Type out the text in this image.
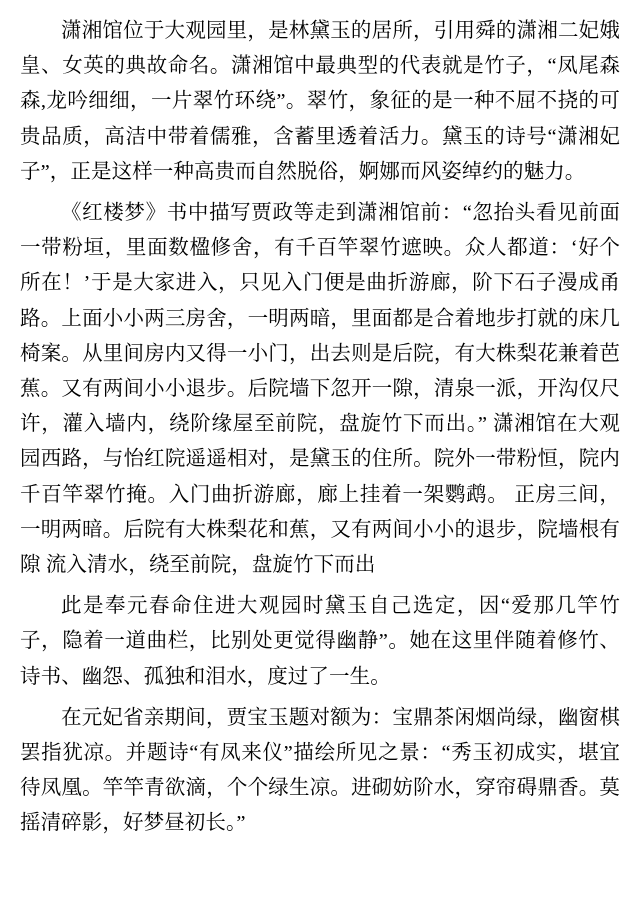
潇湘馆位于大观园里，是林黛玉的居所，引用舜的潇湘二妃娥皇、女英的典故命名。潇湘馆中最典型的代表就是竹子，“凤尾森森,龙吟细细，一片翠竹环绕”。翠竹，象征的是一种不屈不挠的可贵品质，高洁中带着儒雅，含蓄里透着活力。黛玉的诗号“潇湘妃子”，正是这样一种高贵而自然脱俗，婀娜而风姿绰约的魅力。

《红楼梦》书中描写贾政等走到潇湘馆前：“忽抬头看见前面一带粉垣，里面数楹修舍，有千百竿翠竹遮映。众人都道：‘好个所在！’于是大家进入，只见入门便是曲折游廊，阶下石子漫成甬路。上面小小两三房舍，一明两暗，里面都是合着地步打就的床几椅案。从里间房内又得一小门，出去则是后院，有大株梨花兼着芭蕉。又有两间小小退步。后院墙下忽开一隙，清泉一派，开沟仅尺许，灌入墙内，绕阶缘屋至前院，盘旋竹下而出。” 潇湘馆在大观园西路，与怡红院遥遥相对，是黛玉的住所。院外一带粉恒，院内千百竿翠竹掩。入门曲折游廊，廊上挂着一架鹦鹉。 正房三间，一明两暗。后院有大株梨花和蕉，又有两间小小的退步，院墙根有隙 流入清水，绕至前院，盘旋竹下而出

此是奉元春命住进大观园时黛玉自己选定，因“爱那几竿竹子，隐着一道曲栏，比别处更觉得幽静”。她在这里伴随着修竹、诗书、幽怨、孤独和泪水，度过了一生。

在元妃省亲期间，贾宝玉题对额为：宝鼎茶闲烟尚绿，幽窗棋罢指犹凉。并题诗“有凤来仪”描绘所见之景：“秀玉初成实，堪宜待凤凰。竿竿青欲滴，个个绿生凉。进砌妨阶水，穿帘碍鼎香。莫摇清碎影，好梦昼初长。”
